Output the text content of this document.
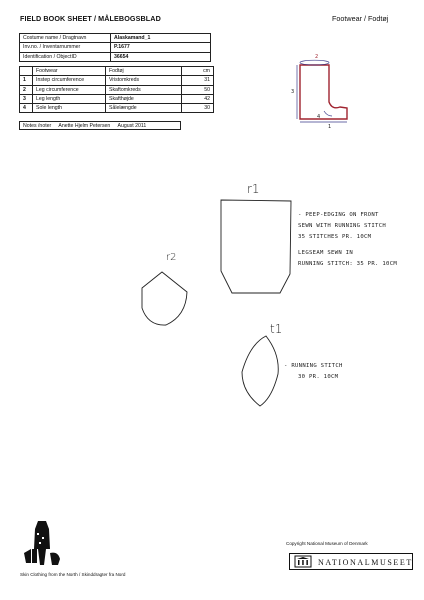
FIELD BOOK SHEET / MÅLEBOGSBLAD	Footwear / Fodtøj
Costume name / Dragtnavn	Alaskamand_1
Inv.no. / Inventarnummer	P.1677
Identification / ObjectID	36654
	Footwear	Fodtøj	cm
1	Instep circumference	Vristomkreds	31
2	Leg circumference	Skaftomkreds	50
3	Leg length	Skafthøjde	42
4	Sole length	Sålelængde	30
Notes /noter Anette Hjelm Petersen August 2011
2
3
4
1
r1
- PEEP-EDGING ON FRONT
SEWN WITH RUNNING STITCH
35 STITCHES PR. 10CM
LEGSEAM SEWN IN
RUNNING STITCH: 35 PR. 10CM
r2
t1
- RUNNING STITCH
30 PR. 10CM
Skin Clothing from the North / Skinddragter fra Nord
Copyright National Museum of Denmark
NATIONALMUSEET
